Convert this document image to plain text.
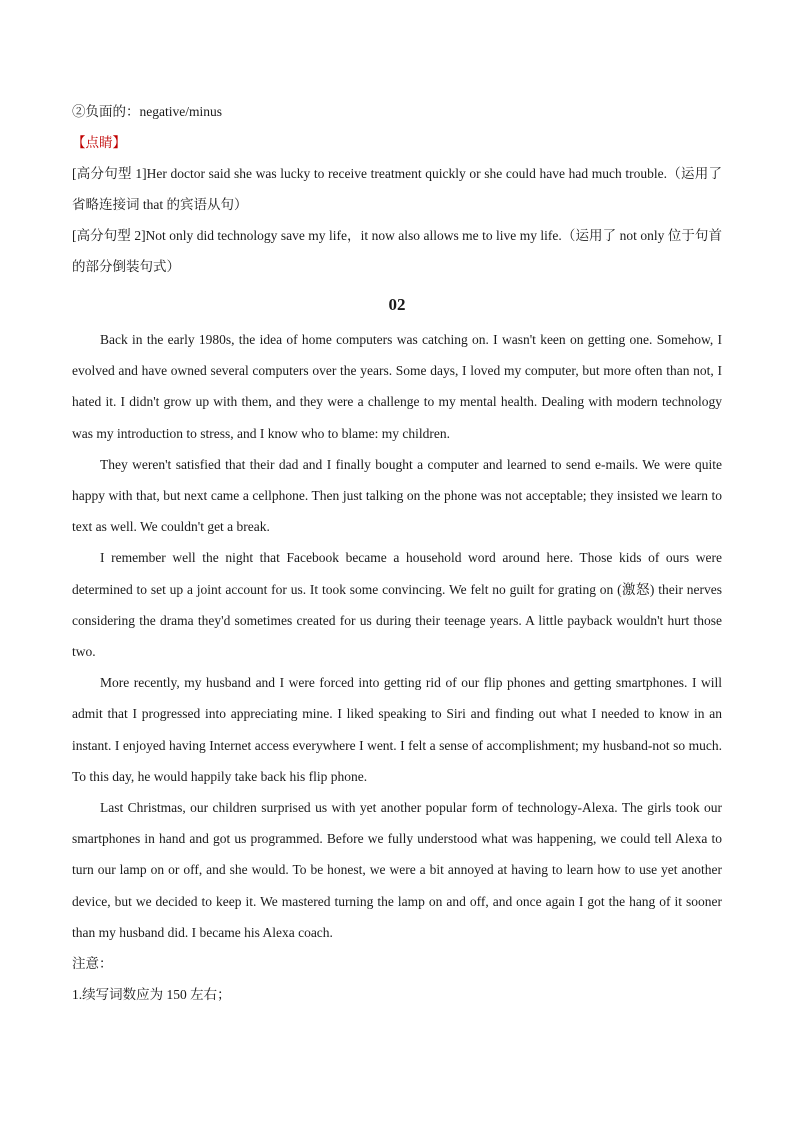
②负面的：negative/minus

【点睛】

[高分句型 1]Her doctor said she was lucky to receive treatment quickly or she could have had much trouble.（运用了省略连接词 that 的宾语从句）

[高分句型 2]Not only did technology save my life，it now also allows me to live my life.（运用了 not only 位于句首的部分倒装句式）

02

Back in the early 1980s, the idea of home computers was catching on. I wasn't keen on getting one. Somehow, I evolved and have owned several computers over the years. Some days, I loved my computer, but more often than not, I hated it. I didn't grow up with them, and they were a challenge to my mental health. Dealing with modern technology was my introduction to stress, and I know who to blame: my children.

They weren't satisfied that their dad and I finally bought a computer and learned to send e-mails. We were quite happy with that, but next came a cellphone. Then just talking on the phone was not acceptable; they insisted we learn to text as well. We couldn't get a break.

I remember well the night that Facebook became a household word around here. Those kids of ours were determined to set up a joint account for us. It took some convincing. We felt no guilt for grating on (激怒) their nerves considering the drama they'd sometimes created for us during their teenage years. A little payback wouldn't hurt those two.

More recently, my husband and I were forced into getting rid of our flip phones and getting smartphones. I will admit that I progressed into appreciating mine. I liked speaking to Siri and finding out what I needed to know in an instant. I enjoyed having Internet access everywhere I went. I felt a sense of accomplishment; my husband-not so much. To this day, he would happily take back his flip phone.

Last Christmas, our children surprised us with yet another popular form of technology-Alexa. The girls took our smartphones in hand and got us programmed. Before we fully understood what was happening, we could tell Alexa to turn our lamp on or off, and she would. To be honest, we were a bit annoyed at having to learn how to use yet another device, but we decided to keep it. We mastered turning the lamp on and off, and once again I got the hang of it sooner than my husband did. I became his Alexa coach.

注意：

1.续写词数应为 150 左右；
